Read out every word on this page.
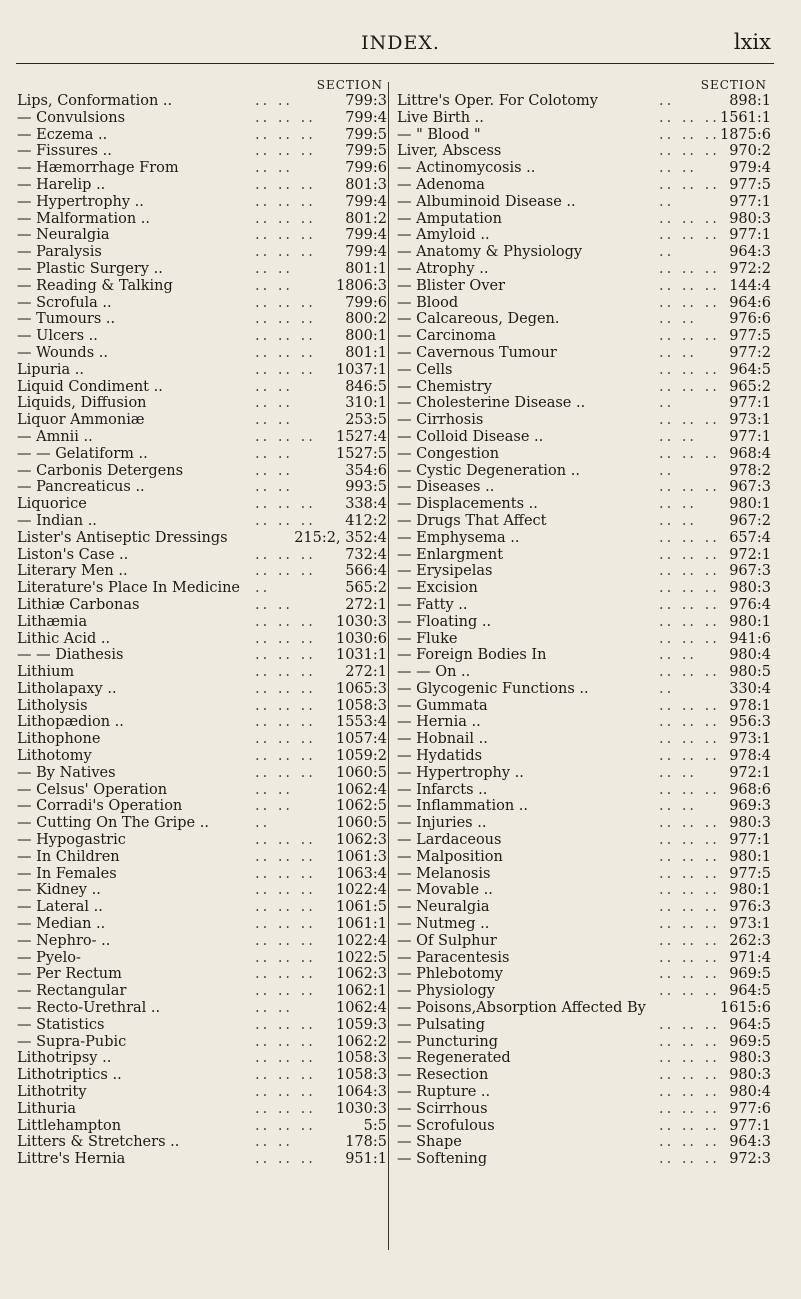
INDEX.	lxix
SECTION
Lips, Conformation ..	.. ..	799:3
— Convulsions	.. .. .. 799:4
— Eczema ..	.. .. .. 799:5
— Fissures ..	.. .. .. 799:5
— Hæmorrhage From	.. ..	799:6
— Harelip ..	.. .. .. 801:3
— Hypertrophy ..	.. .. .. 799:4
— Malformation ..	.. .. .. 801:2
— Neuralgia	.. .. .. 799:4
— Paralysis	.. .. .. 799:4
— Plastic Surgery ..	.. ..	801:1
— Reading & Talking	.. ..	1806:3
— Scrofula ..	.. .. .. 799:6
— Tumours ..	.. .. .. 800:2
— Ulcers ..	.. .. .. 800:1
— Wounds ..	.. .. .. 801:1
Lipuria ..	.. .. .. 1037:1
Liquid Condiment ..	.. ..	846:5
Liquids, Diffusion	.. ..	310:1
Liquor Ammoniæ	.. ..	253:5
— Amnii ..	.. .. .. 1527:4
— — Gelatiform ..	.. ..	1527:5
— Carbonis Detergens	.. ..	354:6
— Pancreaticus ..	.. ..	993:5
Liquorice	.. .. .. 338:4
— Indian ..	.. .. .. 412:2
Lister's Antiseptic Dressings	215:2, 352:4
Liston's Case ..	.. .. .. 732:4
Literary Men ..	.. .. .. 566:4
Literature's Place In Medicine ..	565:2
Lithiæ Carbonas	.. ..	272:1
Lithæmia	.. .. .. 1030:3
Lithic Acid ..	.. .. .. 1030:6
— — Diathesis	.. .. .. 1031:1
Lithium	.. .. .. 272:1
Litholapaxy ..	.. .. .. 1065:3
Litholysis	.. .. .. 1058:3
Lithopædion ..	.. .. .. 1553:4
Lithophone	.. .. .. 1057:4
Lithotomy	.. .. .. 1059:2
— By Natives	.. .. .. 1060:5
— Celsus' Operation	.. ..	1062:4
— Corradi's Operation	.. ..	1062:5
— Cutting On The Gripe ..	..	1060:5
— Hypogastric	.. .. .. 1062:3
— In Children	.. .. .. 1061:3
— In Females	.. .. .. 1063:4
— Kidney ..	.. .. .. 1022:4
— Lateral ..	.. .. .. 1061:5
— Median ..	.. .. .. 1061:1
— Nephro- ..	.. .. .. 1022:4
— Pyelo-	.. .. .. 1022:5
— Per Rectum	.. .. .. 1062:3
— Rectangular	.. .. .. 1062:1
— Recto-Urethral ..	.. ..	1062:4
— Statistics	.. .. .. 1059:3
— Supra-Pubic	.. .. .. 1062:2
Lithotripsy ..	.. .. .. 1058:3
Lithotriptics ..	.. .. .. 1058:3
Lithotrity	.. .. .. 1064:3
Lithuria	.. .. .. 1030:3
Littlehampton	.. .. ..	5:5
Litters & Stretchers ..	.. ..	178:5
Littre's Hernia	.. .. .. 951:1
SECTION
Littre's Oper. For Colotomy	..	898:1
Live Birth ..	.. .. .. 1561:1
— " Blood "	.. .. .. 1875:6
Liver, Abscess	.. .. .. 970:2
— Actinomycosis ..	.. .. 979:4
— Adenoma	.. .. .. 977:5
— Albuminoid Disease ..	..	977:1
— Amputation	.. .. .. 980:3
— Amyloid ..	.. .. .. 977:1
— Anatomy & Physiology	..	964:3
— Atrophy ..	.. .. .. 972:2
— Blister Over	.. .. .. 144:4
— Blood	.. .. .. 964:6
— Calcareous, Degen.	.. .. 976:6
— Carcinoma	.. .. .. 977:5
— Cavernous Tumour	.. .. 977:2
— Cells	.. .. .. 964:5
— Chemistry	.. .. .. 965:2
— Cholesterine Disease ..	..	977:1
— Cirrhosis	.. .. .. 973:1
— Colloid Disease ..	.. .. 977:1
— Congestion	.. .. .. 968:4
— Cystic Degeneration ..	..	978:2
— Diseases ..	.. .. .. 967:3
— Displacements ..	.. .. 980:1
— Drugs That Affect	.. .. 967:2
— Emphysema ..	.. .. .. 657:4
— Enlargment	.. .. .. 972:1
— Erysipelas	.. .. .. 967:3
— Excision	.. .. .. 980:3
— Fatty ..	.. .. .. 976:4
— Floating ..	.. .. .. 980:1
— Fluke	.. .. .. 941:6
— Foreign Bodies In	.. .. 980:4
— — On ..	.. .. .. 980:5
— Glycogenic Functions ..	..	330:4
— Gummata	.. .. .. 978:1
— Hernia ..	.. .. .. 956:3
— Hobnail ..	.. .. .. 973:1
— Hydatids	.. .. .. 978:4
— Hypertrophy ..	.. .. 972:1
— Infarcts ..	.. .. .. 968:6
— Inflammation ..	.. .. 969:3
— Injuries ..	.. .. .. 980:3
— Lardaceous	.. .. .. 977:1
— Malposition	.. .. .. 980:1
— Melanosis	.. .. .. 977:5
— Movable ..	.. .. .. 980:1
— Neuralgia	.. .. .. 976:3
— Nutmeg ..	.. .. .. 973:1
— Of Sulphur	.. .. .. 262:3
— Paracentesis	.. .. .. 971:4
— Phlebotomy	.. .. .. 969:5
— Physiology	.. .. .. 964:5
— Poisons,Absorption Affected By	1615:6
— Pulsating	.. .. .. 964:5
— Puncturing	.. .. .. 969:5
— Regenerated	.. .. .. 980:3
— Resection	.. .. .. 980:3
— Rupture ..	.. .. .. 980:4
— Scirrhous	.. .. .. 977:6
— Scrofulous	.. .. .. 977:1
— Shape	.. .. .. 964:3
— Softening	.. .. .. 972:3
